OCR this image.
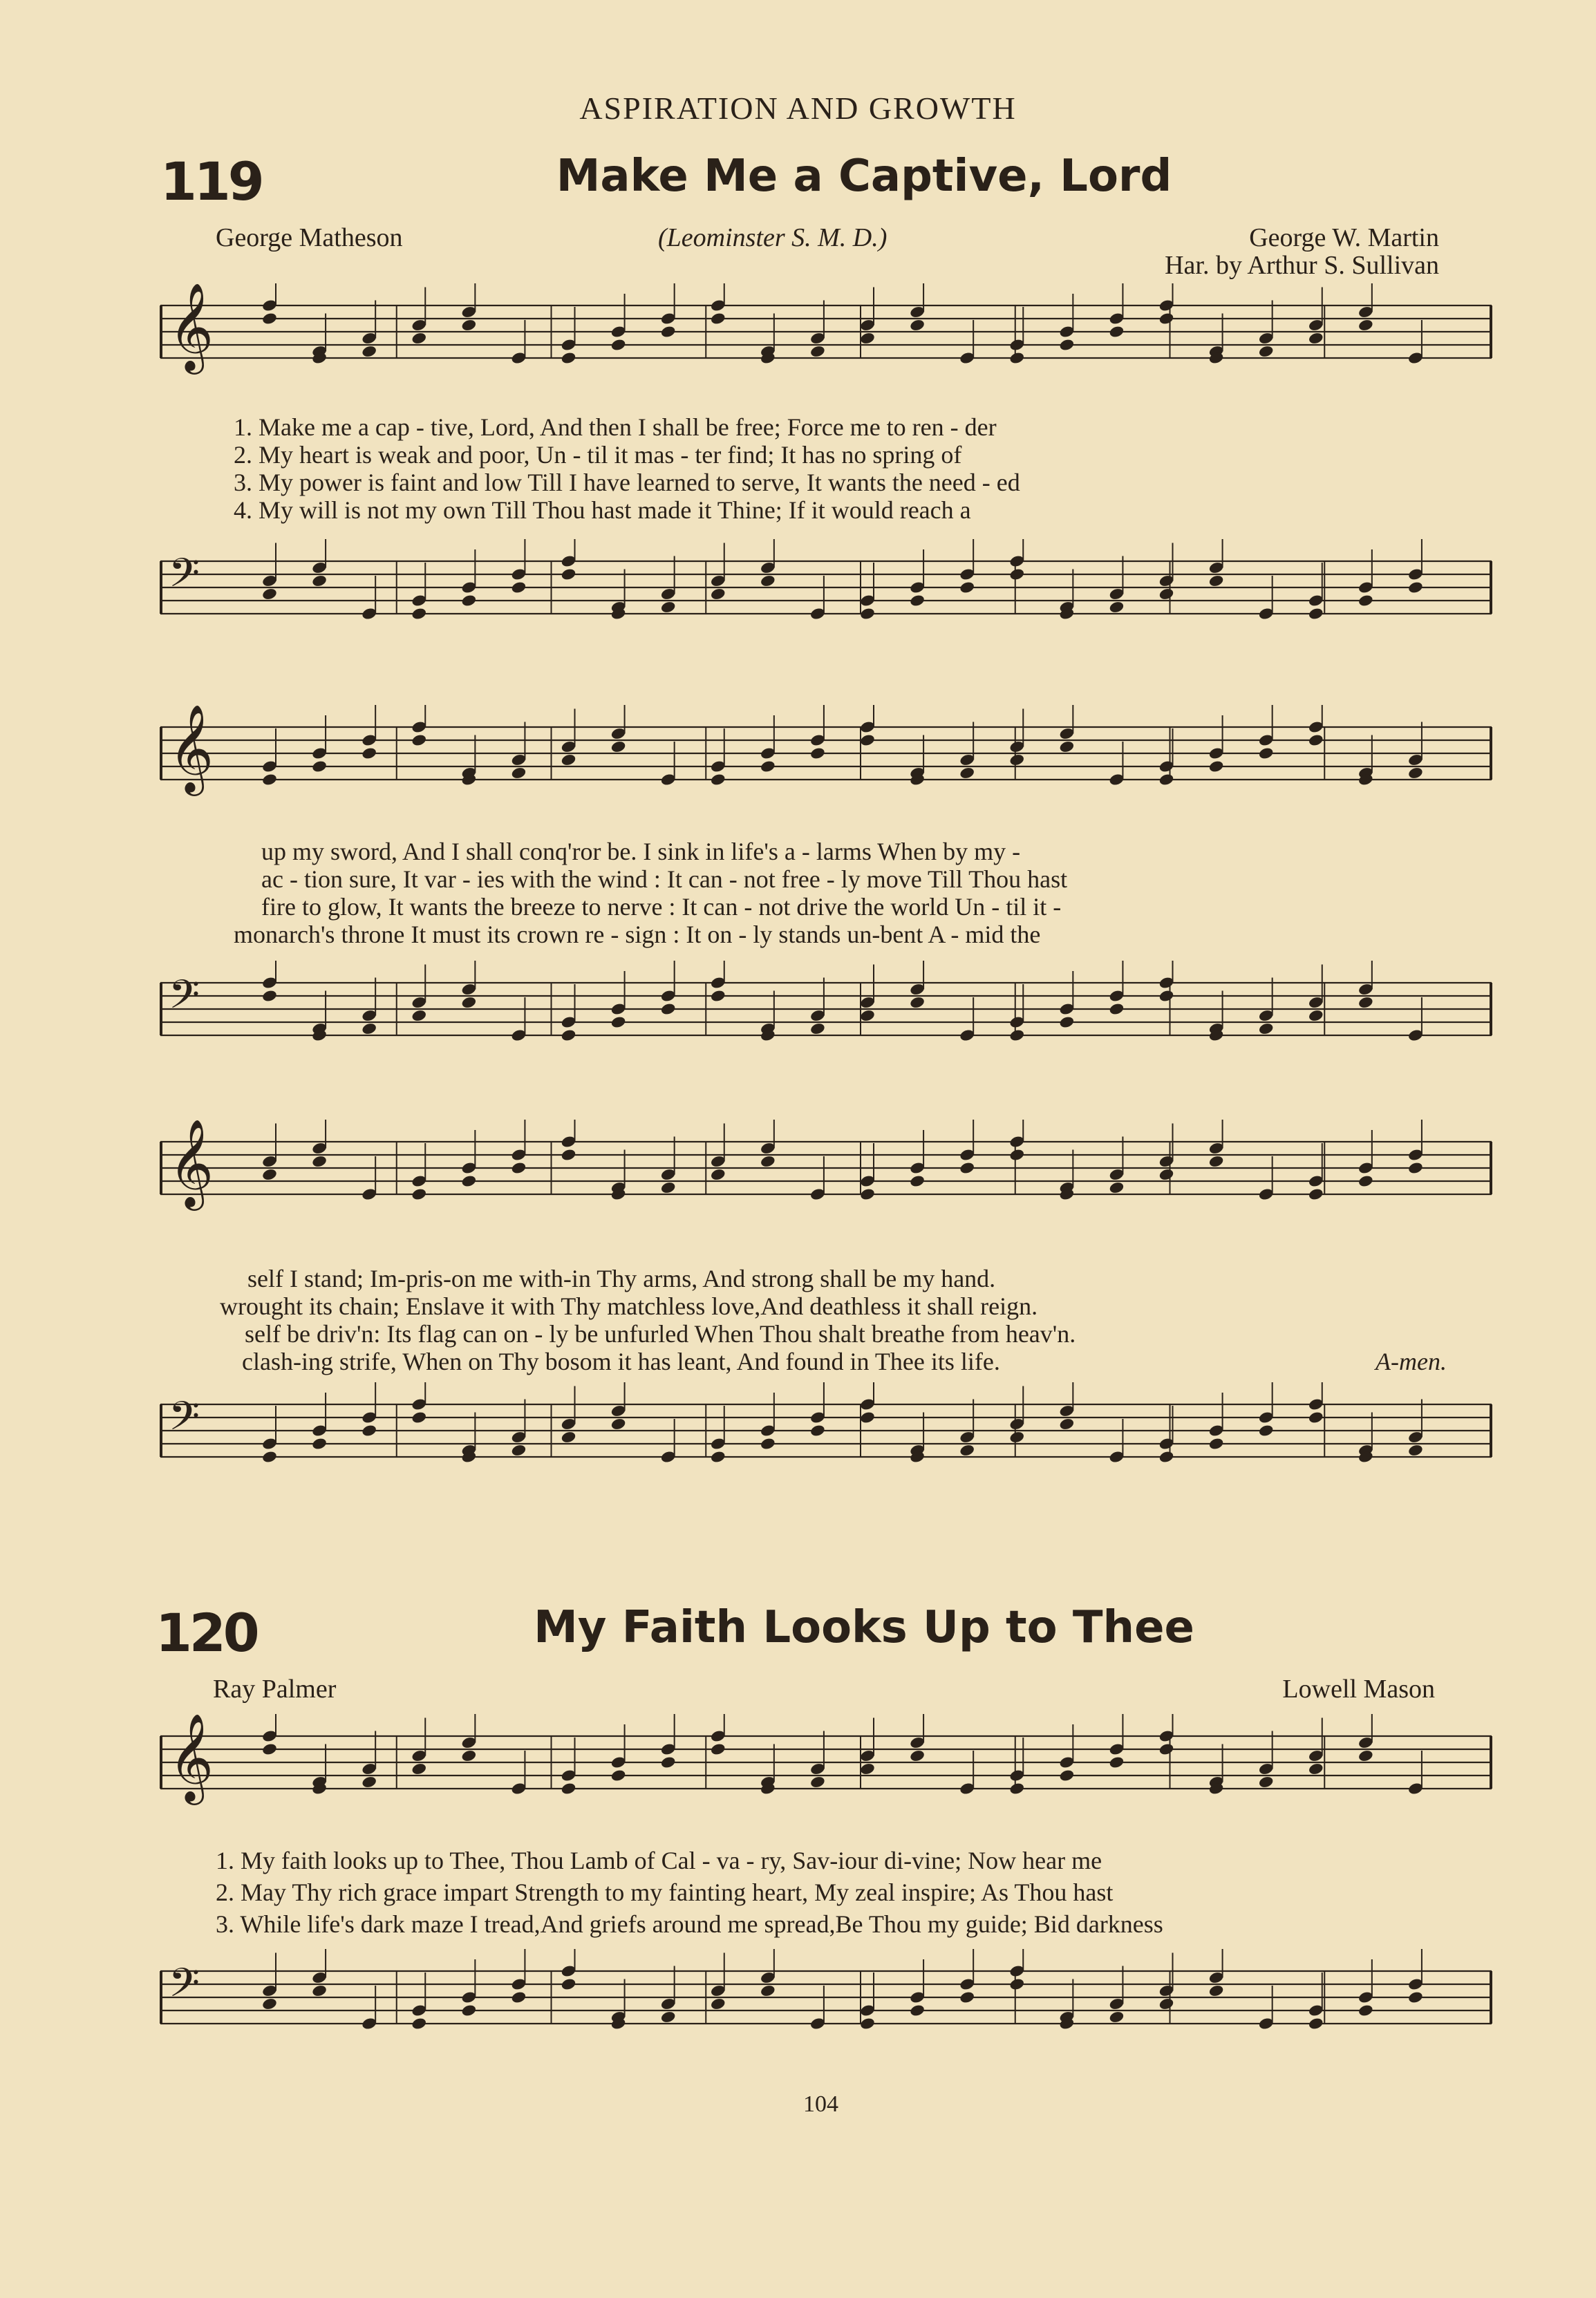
ASPIRATION AND GROWTH
119	Make Me a Captive, Lord
George Matheson	(Leominster S. M. D.)	George W. Martin
Har. by Arthur S. Sullivan
𝄞
1. Make me a cap - tive, Lord, And then I shall be free; Force me to ren - der
2. My heart is weak and poor, Un - til it mas - ter find; It has no spring of
3. My power is faint and low Till I have learned to serve, It wants the need - ed
4. My will is not my own Till Thou hast made it Thine; If it would reach a
𝄢
𝄞
up my sword, And I shall conq'ror be. I sink in life's a - larms When by my -
ac - tion sure, It var - ies with the wind : It can - not free - ly move Till Thou hast
fire to glow, It wants the breeze to nerve : It can - not drive the world Un - til it -
monarch's throne It must its crown re - sign : It on - ly stands un-bent A - mid the
𝄢
𝄞
self I stand; Im-pris-on me with-in Thy arms, And strong shall be my hand.
wrought its chain; Enslave it with Thy matchless love,And deathless it shall reign.
self be driv'n: Its flag can on - ly be unfurled When Thou shalt breathe from heav'n.
clash-ing strife, When on Thy bosom it has leant, And found in Thee its life.	A-men.
𝄢
120	My Faith Looks Up to Thee
Ray Palmer	Lowell Mason
𝄞
1. My faith looks up to Thee, Thou Lamb of Cal - va - ry, Sav-iour di-vine; Now hear me
2. May Thy rich grace impart Strength to my fainting heart, My zeal inspire; As Thou hast
3. While life's dark maze I tread,And griefs around me spread,Be Thou my guide; Bid darkness
𝄢
104
